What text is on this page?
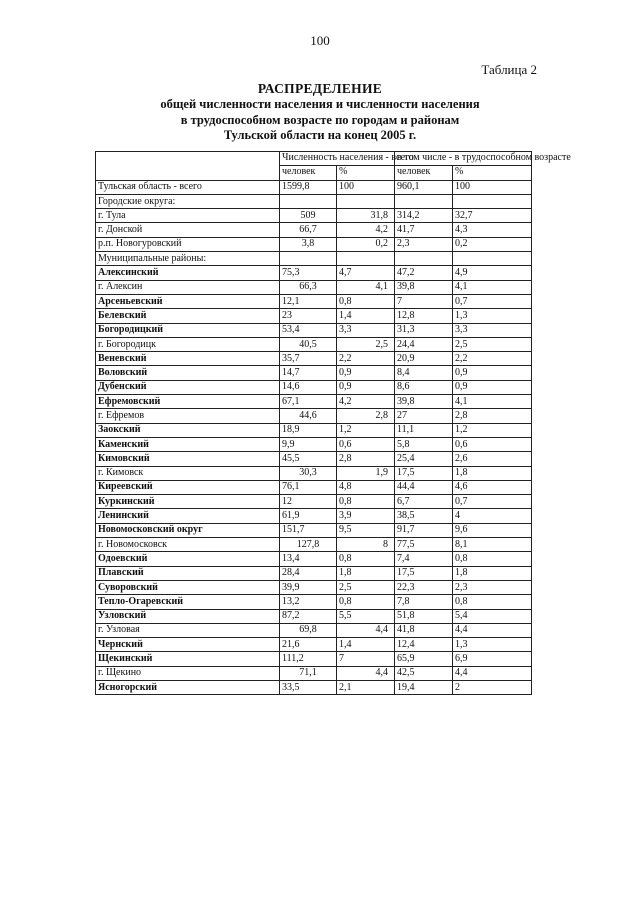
100
Таблица 2
РАСПРЕДЕЛЕНИЕ
общей численности населения и численности населения
в трудоспособном возрасте по городам и районам
Тульской области на конец 2005 г.
	Численность населения - всего		в том числе - в трудоспособном возрасте	
	человек	%	человек	%
Тульская область - всего	1599,8	100	960,1	100
Городские округа:				
г. Тула	509	31,8	314,2	32,7
г. Донской	66,7	4,2	41,7	4,3
р.п. Новогуровский	3,8	0,2	2,3	0,2
Муниципальные районы:				
Алексинский	75,3	4,7	47,2	4,9
г. Алексин	66,3	4,1	39,8	4,1
Арсеньевский	12,1	0,8	7	0,7
Белевский	23	1,4	12,8	1,3
Богородицкий	53,4	3,3	31,3	3,3
г. Богородицк	40,5	2,5	24,4	2,5
Веневский	35,7	2,2	20,9	2,2
Воловский	14,7	0,9	8,4	0,9
Дубенский	14,6	0,9	8,6	0,9
Ефремовский	67,1	4,2	39,8	4,1
г. Ефремов	44,6	2,8	27	2,8
Заокский	18,9	1,2	11,1	1,2
Каменский	9,9	0,6	5,8	0,6
Кимовский	45,5	2,8	25,4	2,6
г. Кимовск	30,3	1,9	17,5	1,8
Киреевский	76,1	4,8	44,4	4,6
Куркинский	12	0,8	6,7	0,7
Ленинский	61,9	3,9	38,5	4
Новомосковский округ	151,7	9,5	91,7	9,6
г. Новомосковск	127,8	8	77,5	8,1
Одоевский	13,4	0,8	7,4	0,8
Плавский	28,4	1,8	17,5	1,8
Суворовский	39,9	2,5	22,3	2,3
Тепло-Огаревский	13,2	0,8	7,8	0,8
Узловский	87,2	5,5	51,8	5,4
г. Узловая	69,8	4,4	41,8	4,4
Чернский	21,6	1,4	12,4	1,3
Щекинский	111,2	7	65,9	6,9
г. Щекино	71,1	4,4	42,5	4,4
Ясногорский	33,5	2,1	19,4	2
